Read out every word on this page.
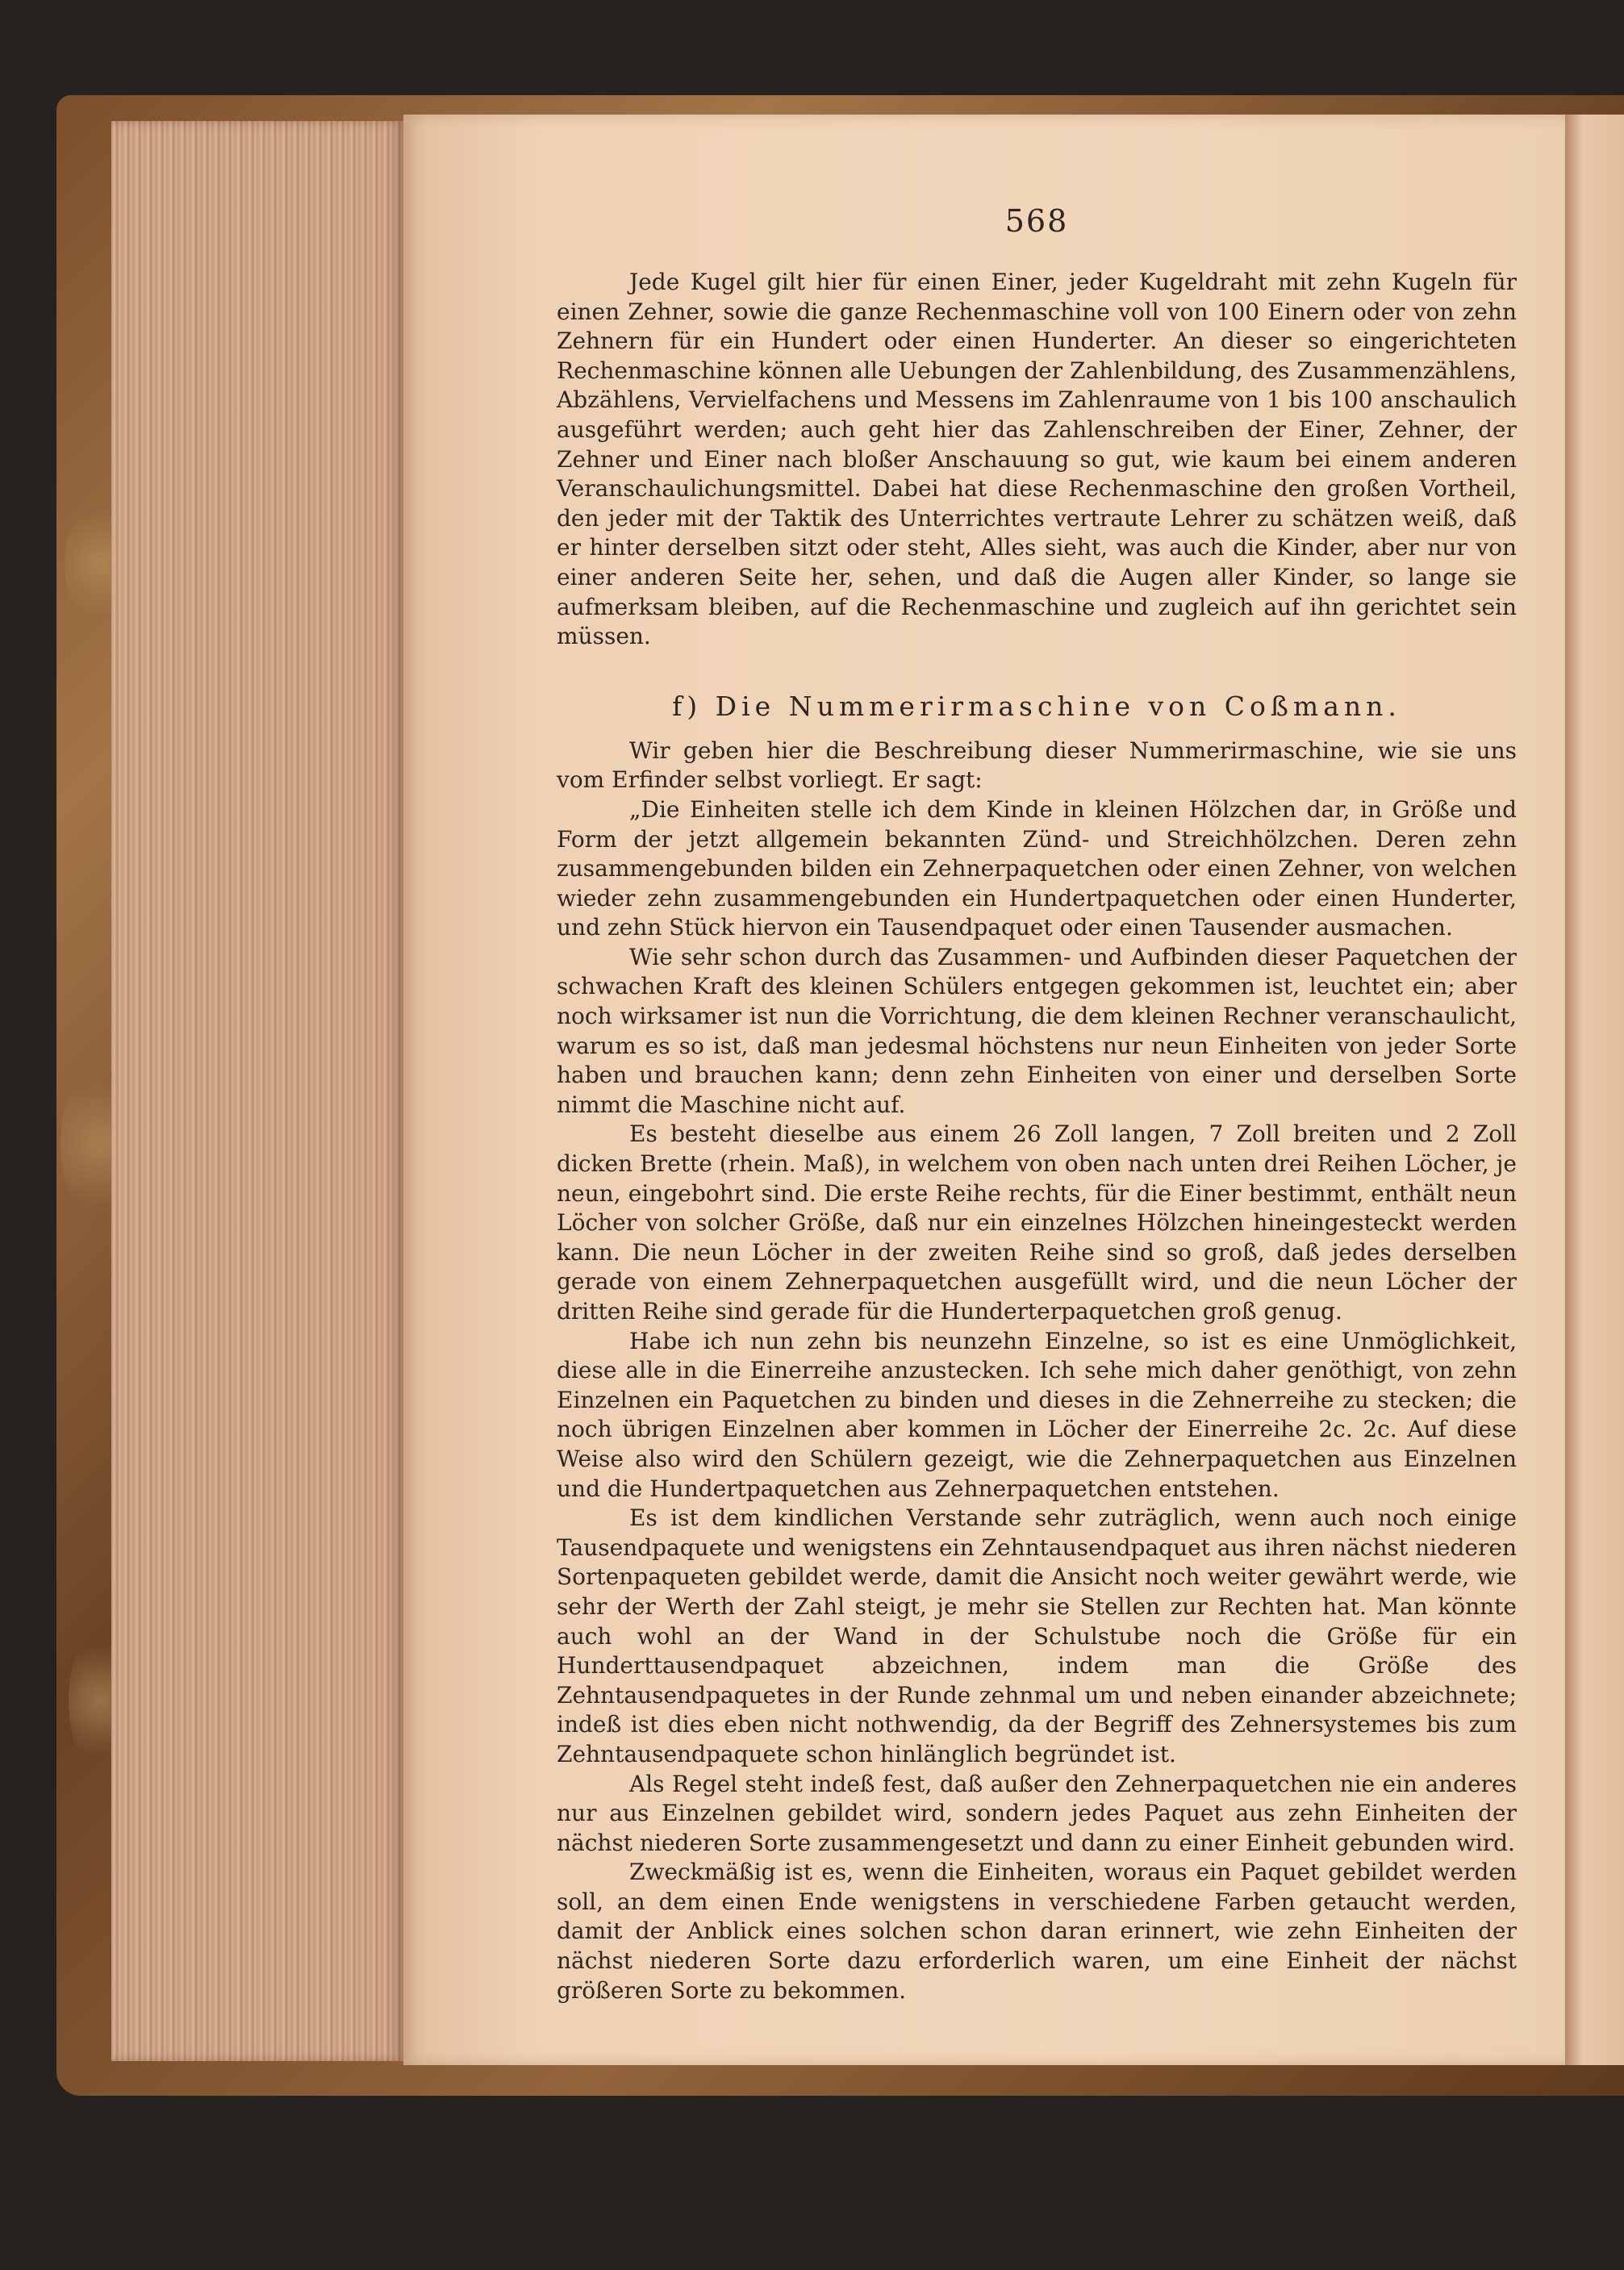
568

Jede Kugel gilt hier für einen Einer, jeder Kugeldraht mit zehn Kugeln für einen Zehner, sowie die ganze Rechenmaschine voll von 100 Einern oder von zehn Zehnern für ein Hundert oder einen Hunderter. An dieser so eingerichteten Rechenmaschine können alle Uebungen der Zahlenbildung, des Zusammenzählens, Abzählens, Vervielfachens und Messens im Zahlenraume von 1 bis 100 anschaulich ausgeführt werden; auch geht hier das Zahlenschreiben der Einer, Zehner, der Zehner und Einer nach bloßer Anschauung so gut, wie kaum bei einem anderen Veranschaulichungsmittel. Dabei hat diese Rechenmaschine den großen Vortheil, den jeder mit der Taktik des Unterrichtes vertraute Lehrer zu schätzen weiß, daß er hinter derselben sitzt oder steht, Alles sieht, was auch die Kinder, aber nur von einer anderen Seite her, sehen, und daß die Augen aller Kinder, so lange sie aufmerksam bleiben, auf die Rechenmaschine und zugleich auf ihn gerichtet sein müssen.

f) Die Nummerirmaschine von Coßmann.

Wir geben hier die Beschreibung dieser Nummerirmaschine, wie sie uns vom Erfinder selbst vorliegt. Er sagt:

„Die Einheiten stelle ich dem Kinde in kleinen Hölzchen dar, in Größe und Form der jetzt allgemein bekannten Zünd- und Streichhölzchen. Deren zehn zusammengebunden bilden ein Zehnerpaquetchen oder einen Zehner, von welchen wieder zehn zusammengebunden ein Hundertpaquetchen oder einen Hunderter, und zehn Stück hiervon ein Tausendpaquet oder einen Tausender ausmachen.

Wie sehr schon durch das Zusammen- und Aufbinden dieser Paquetchen der schwachen Kraft des kleinen Schülers entgegen gekommen ist, leuchtet ein; aber noch wirksamer ist nun die Vorrichtung, die dem kleinen Rechner veranschaulicht, warum es so ist, daß man jedesmal höchstens nur neun Einheiten von jeder Sorte haben und brauchen kann; denn zehn Einheiten von einer und derselben Sorte nimmt die Maschine nicht auf.

Es besteht dieselbe aus einem 26 Zoll langen, 7 Zoll breiten und 2 Zoll dicken Brette (rhein. Maß), in welchem von oben nach unten drei Reihen Löcher, je neun, eingebohrt sind. Die erste Reihe rechts, für die Einer bestimmt, enthält neun Löcher von solcher Größe, daß nur ein einzelnes Hölzchen hineingesteckt werden kann. Die neun Löcher in der zweiten Reihe sind so groß, daß jedes derselben gerade von einem Zehnerpaquetchen ausgefüllt wird, und die neun Löcher der dritten Reihe sind gerade für die Hunderterpaquetchen groß genug.

Habe ich nun zehn bis neunzehn Einzelne, so ist es eine Unmöglichkeit, diese alle in die Einerreihe anzustecken. Ich sehe mich daher genöthigt, von zehn Einzelnen ein Paquetchen zu binden und dieses in die Zehnerreihe zu stecken; die noch übrigen Einzelnen aber kommen in Löcher der Einerreihe 2c. 2c. Auf diese Weise also wird den Schülern gezeigt, wie die Zehnerpaquetchen aus Einzelnen und die Hundertpaquetchen aus Zehnerpaquetchen entstehen.

Es ist dem kindlichen Verstande sehr zuträglich, wenn auch noch einige Tausendpaquete und wenigstens ein Zehntausendpaquet aus ihren nächst niederen Sortenpaqueten gebildet werde, damit die Ansicht noch weiter gewährt werde, wie sehr der Werth der Zahl steigt, je mehr sie Stellen zur Rechten hat. Man könnte auch wohl an der Wand in der Schulstube noch die Größe für ein Hunderttausendpaquet abzeichnen, indem man die Größe des Zehntausendpaquetes in der Runde zehnmal um und neben einander abzeichnete; indeß ist dies eben nicht nothwendig, da der Begriff des Zehnersystemes bis zum Zehntausendpaquete schon hinlänglich begründet ist.

Als Regel steht indeß fest, daß außer den Zehnerpaquetchen nie ein anderes nur aus Einzelnen gebildet wird, sondern jedes Paquet aus zehn Einheiten der nächst niederen Sorte zusammengesetzt und dann zu einer Einheit gebunden wird.

Zweckmäßig ist es, wenn die Einheiten, woraus ein Paquet gebildet werden soll, an dem einen Ende wenigstens in verschiedene Farben getaucht werden, damit der Anblick eines solchen schon daran erinnert, wie zehn Einheiten der nächst niederen Sorte dazu erforderlich waren, um eine Einheit der nächst größeren Sorte zu bekommen.
